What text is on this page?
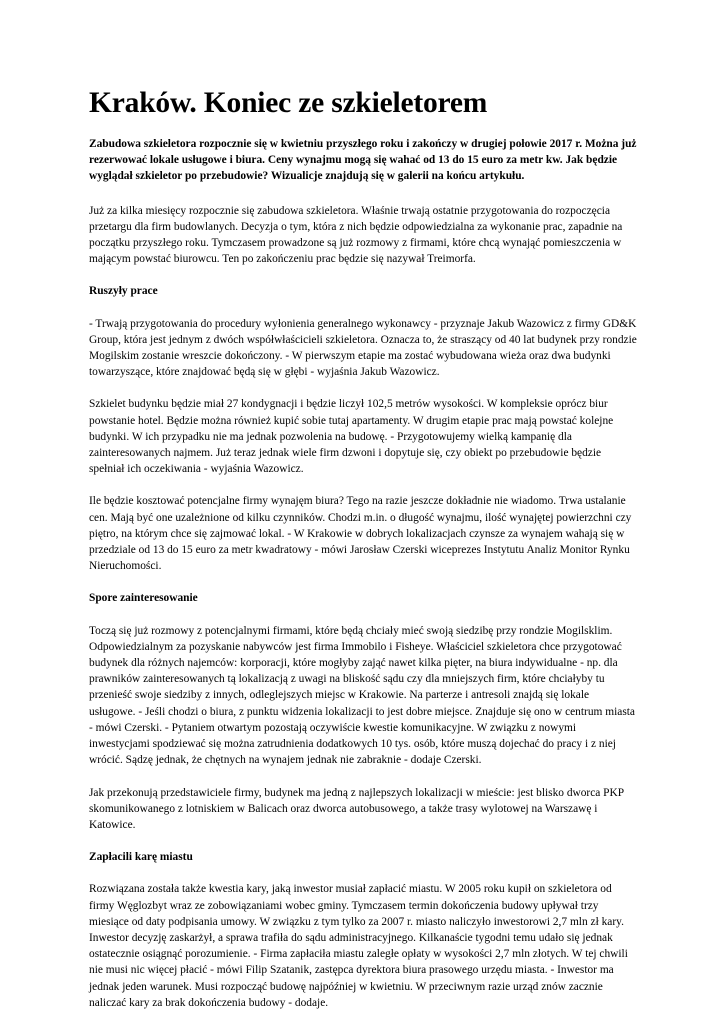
Kraków. Koniec ze szkieletorem

Zabudowa szkieletora rozpocznie się w kwietniu przyszłego roku i zakończy w drugiej połowie 2017 r. Można już rezerwować lokale usługowe i biura. Ceny wynajmu mogą się wahać od 13 do 15 euro za metr kw. Jak będzie wyglądał szkieletor po przebudowie? Wizualicje znajdują się w galerii na końcu artykułu.

Już za kilka miesięcy rozpocznie się zabudowa szkieletora. Właśnie trwają ostatnie przygotowania do rozpoczęcia przetargu dla firm budowlanych. Decyzja o tym, która z nich będzie odpowiedzialna za wykonanie prac, zapadnie na początku przyszłego roku. Tymczasem prowadzone są już rozmowy z firmami, które chcą wynająć pomieszczenia w mającym powstać biurowcu. Ten po zakończeniu prac będzie się nazywał Treimorfa.

Ruszyły prace

- Trwają przygotowania do procedury wyłonienia generalnego wykonawcy - przyznaje Jakub Wazowicz z firmy GD&K Group, która jest jednym z dwóch współwłaścicieli szkieletora. Oznacza to, że straszący od 40 lat budynek przy rondzie Mogilskim zostanie wreszcie dokończony. - W pierwszym etapie ma zostać wybudowana wieża oraz dwa budynki towarzyszące, które znajdować będą się w głębi - wyjaśnia Jakub Wazowicz.

Szkielet budynku będzie miał 27 kondygnacji i będzie liczył 102,5 metrów wysokości. W kompleksie oprócz biur powstanie hotel. Będzie można również kupić sobie tutaj apartamenty. W drugim etapie prac mają powstać kolejne budynki. W ich przypadku nie ma jednak pozwolenia na budowę. - Przygotowujemy wielką kampanię dla zainteresowanych najmem. Już teraz jednak wiele firm dzwoni i dopytuje się, czy obiekt po przebudowie będzie spełniał ich oczekiwania - wyjaśnia Wazowicz.

Ile będzie kosztować potencjalne firmy wynajęm biura? Tego na razie jeszcze dokładnie nie wiadomo. Trwa ustalanie cen. Mają być one uzależnione od kilku czynników. Chodzi m.in. o długość wynajmu, ilość wynajętej powierzchni czy piętro, na którym chce się zajmować lokal. - W Krakowie w dobrych lokalizacjach czynsze za wynajem wahają się w przedziale od 13 do 15 euro za metr kwadratowy - mówi Jarosław Czerski wiceprezes Instytutu Analiz Monitor Rynku Nieruchomości.

Spore zainteresowanie

Toczą się już rozmowy z potencjalnymi firmami, które będą chciały mieć swoją siedzibę przy rondzie Mogilsklim. Odpowiedzialnym za pozyskanie nabywców jest firma Immobilo i Fisheye. Właściciel szkieletora chce przygotować budynek dla różnych najemców: korporacji, które mogłyby zająć nawet kilka pięter, na biura indywidualne - np. dla prawników zainteresowanych tą lokalizacją z uwagi na bliskość sądu czy dla mniejszych firm, które chciałyby tu przenieść swoje siedziby z innych, odleglejszych miejsc w Krakowie. Na parterze i antresoli znajdą się lokale usługowe. - Jeśli chodzi o biura, z punktu widzenia lokalizacji to jest dobre miejsce. Znajduje się ono w centrum miasta - mówi Czerski. - Pytaniem otwartym pozostają oczywiście kwestie komunikacyjne. W związku z nowymi inwestycjami spodziewać się można zatrudnienia dodatkowych 10 tys. osób, które muszą dojechać do pracy i z niej wrócić. Sądzę jednak, że chętnych na wynajem jednak nie zabraknie - dodaje Czerski.

Jak przekonują przedstawiciele firmy, budynek ma jedną z najlepszych lokalizacji w mieście: jest blisko dworca PKP skomunikowanego z lotniskiem w Balicach oraz dworca autobusowego, a także trasy wylotowej na Warszawę i Katowice.

Zapłacili karę miastu

Rozwiązana została także kwestia kary, jaką inwestor musiał zapłacić miastu. W 2005 roku kupił on szkieletora od firmy Węglozbyt wraz ze zobowiązaniami wobec gminy. Tymczasem termin dokończenia budowy upływał trzy miesiące od daty podpisania umowy. W związku z tym tylko za 2007 r. miasto naliczyło inwestorowi 2,7 mln zł kary. Inwestor decyzję zaskarżył, a sprawa trafiła do sądu administracyjnego. Kilkanaście tygodni temu udało się jednak ostatecznie osiągnąć porozumienie. - Firma zapłaciła miastu zaległe opłaty w wysokości 2,7 mln złotych. W tej chwili nie musi nic więcej płacić - mówi Filip Szatanik, zastępca dyrektora biura prasowego urzędu miasta. - Inwestor ma jednak jeden warunek. Musi rozpocząć budowę najpóźniej w kwietniu. W przeciwnym razie urząd znów zacznie naliczać kary za brak dokończenia budowy - dodaje.
